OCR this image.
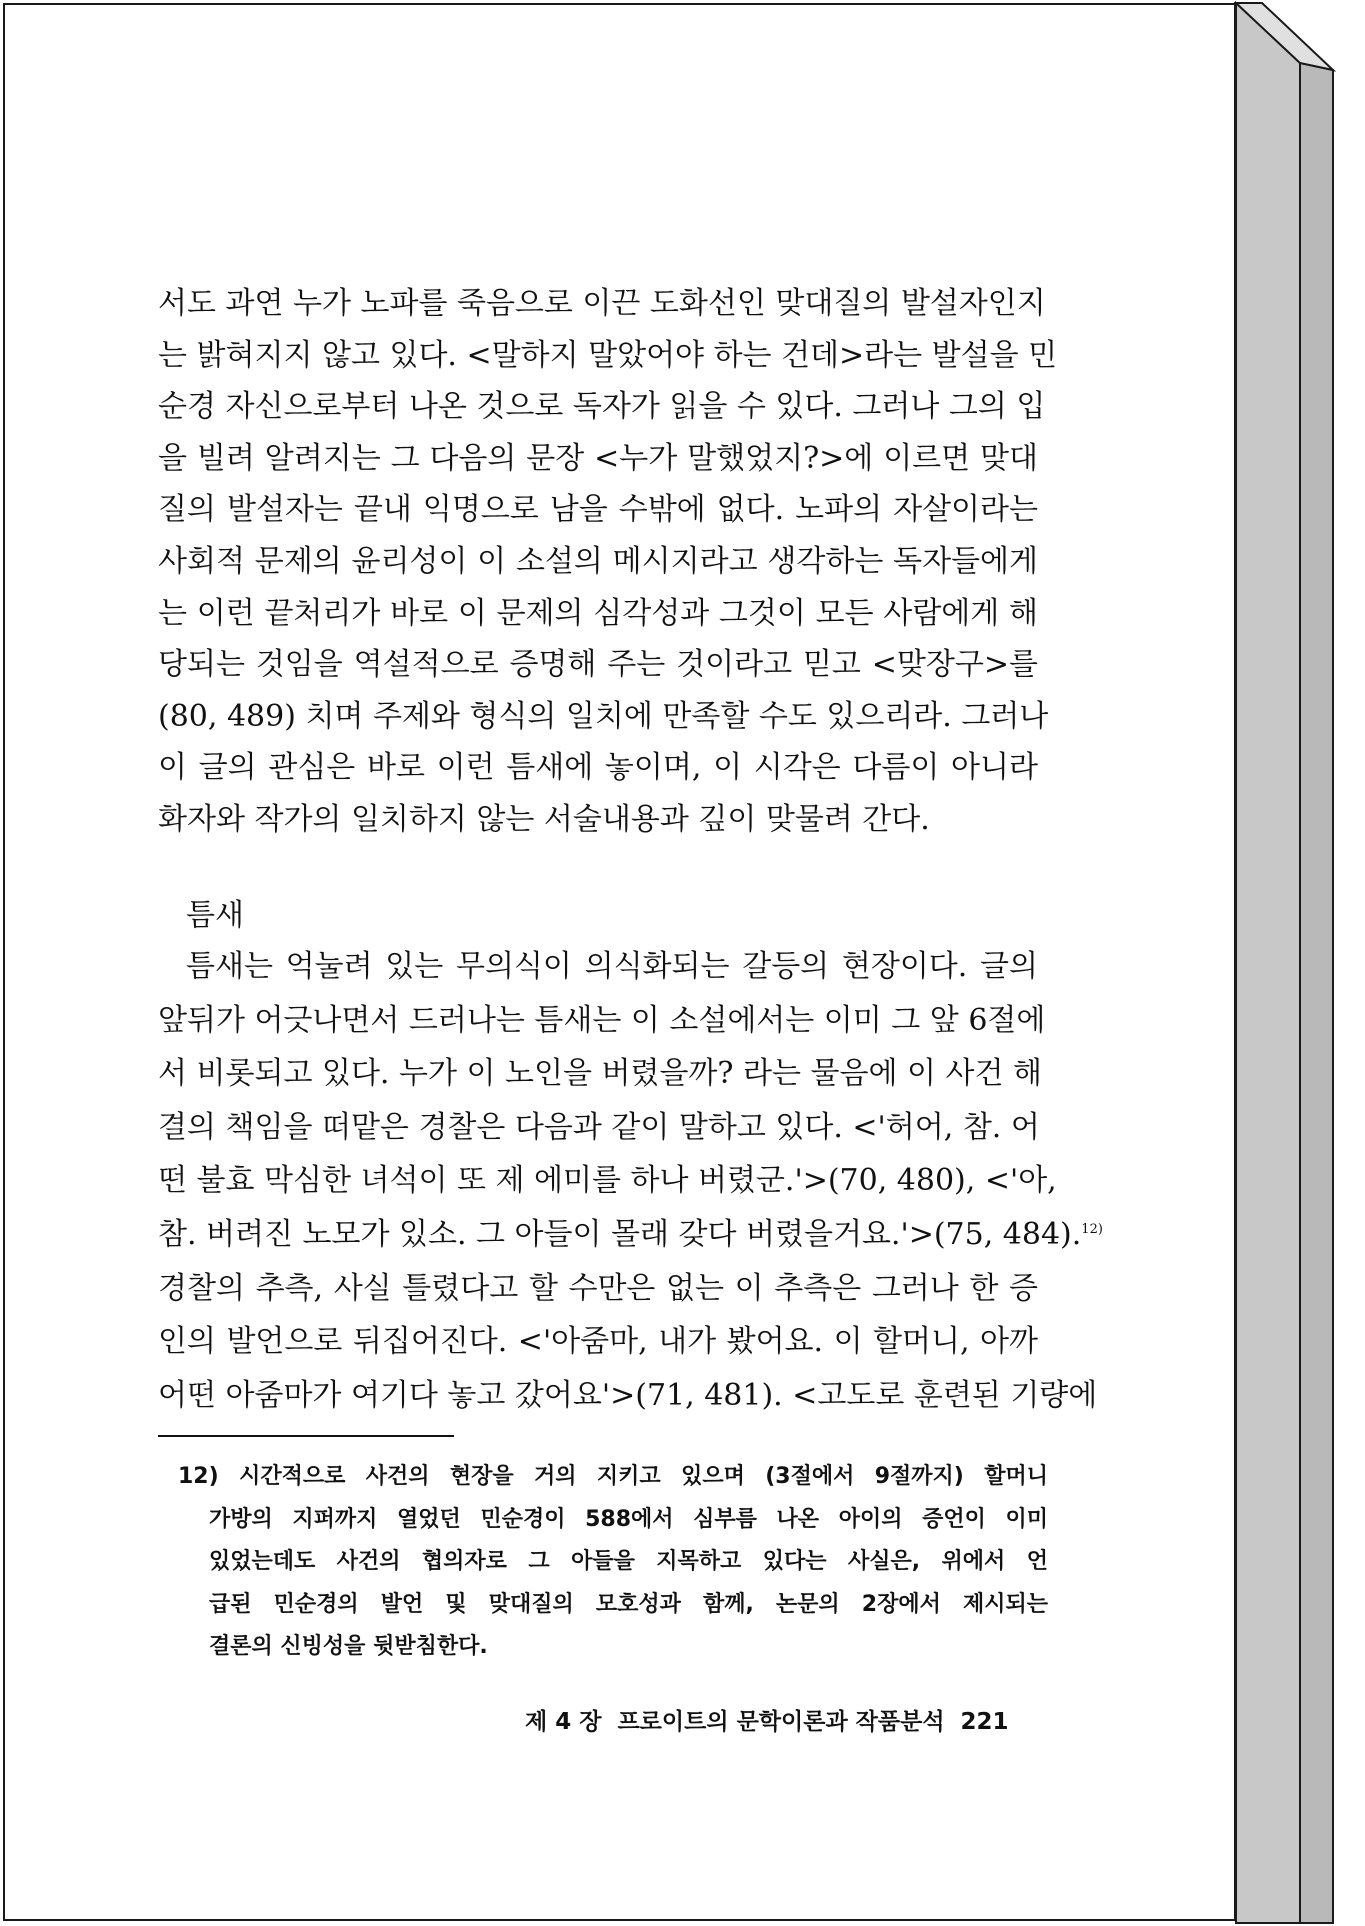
서도 과연 누가 노파를 죽음으로 이끈 도화선인 맞대질의 발설자인지
는 밝혀지지 않고 있다. <말하지 말았어야 하는 건데>라는 발설을 민
순경 자신으로부터 나온 것으로 독자가 읽을 수 있다. 그러나 그의 입
을 빌려 알려지는 그 다음의 문장 <누가 말했었지?>에 이르면 맞대
질의 발설자는 끝내 익명으로 남을 수밖에 없다. 노파의 자살이라는
사회적 문제의 윤리성이 이 소설의 메시지라고 생각하는 독자들에게
는 이런 끝처리가 바로 이 문제의 심각성과 그것이 모든 사람에게 해
당되는 것임을 역설적으로 증명해 주는 것이라고 믿고 <맞장구>를
(80, 489) 치며 주제와 형식의 일치에 만족할 수도 있으리라. 그러나
이 글의 관심은 바로 이런 틈새에 놓이며, 이 시각은 다름이 아니라
화자와 작가의 일치하지 않는 서술내용과 깊이 맞물려 간다.
틈새
틈새는 억눌려 있는 무의식이 의식화되는 갈등의 현장이다. 글의
앞뒤가 어긋나면서 드러나는 틈새는 이 소설에서는 이미 그 앞 6절에
서 비롯되고 있다. 누가 이 노인을 버렸을까? 라는 물음에 이 사건 해
결의 책임을 떠맡은 경찰은 다음과 같이 말하고 있다. <'허어, 참. 어
떤 불효 막심한 녀석이 또 제 에미를 하나 버렸군.'>(70, 480), <'아,
참. 버려진 노모가 있소. 그 아들이 몰래 갖다 버렸을거요.'>(75, 484).$^{12)}$
경찰의 추측, 사실 틀렸다고 할 수만은 없는 이 추측은 그러나 한 증
인의 발언으로 뒤집어진다. <'아줌마, 내가 봤어요. 이 할머니, 아까
어떤 아줌마가 여기다 놓고 갔어요'>(71, 481). <고도로 훈련된 기량에
12) 시간적으로 사건의 현장을 거의 지키고 있으며 (3절에서 9절까지) 할머니
가방의 지퍼까지 열었던 민순경이 588에서 심부름 나온 아이의 증언이 이미
있었는데도 사건의 협의자로 그 아들을 지목하고 있다는 사실은, 위에서 언
급된 민순경의 발언 및 맞대질의 모호성과 함께, 논문의 2장에서 제시되는
결론의 신빙성을 뒷받침한다.
제 4 장  프로이트의 문학이론과 작품분석  221
